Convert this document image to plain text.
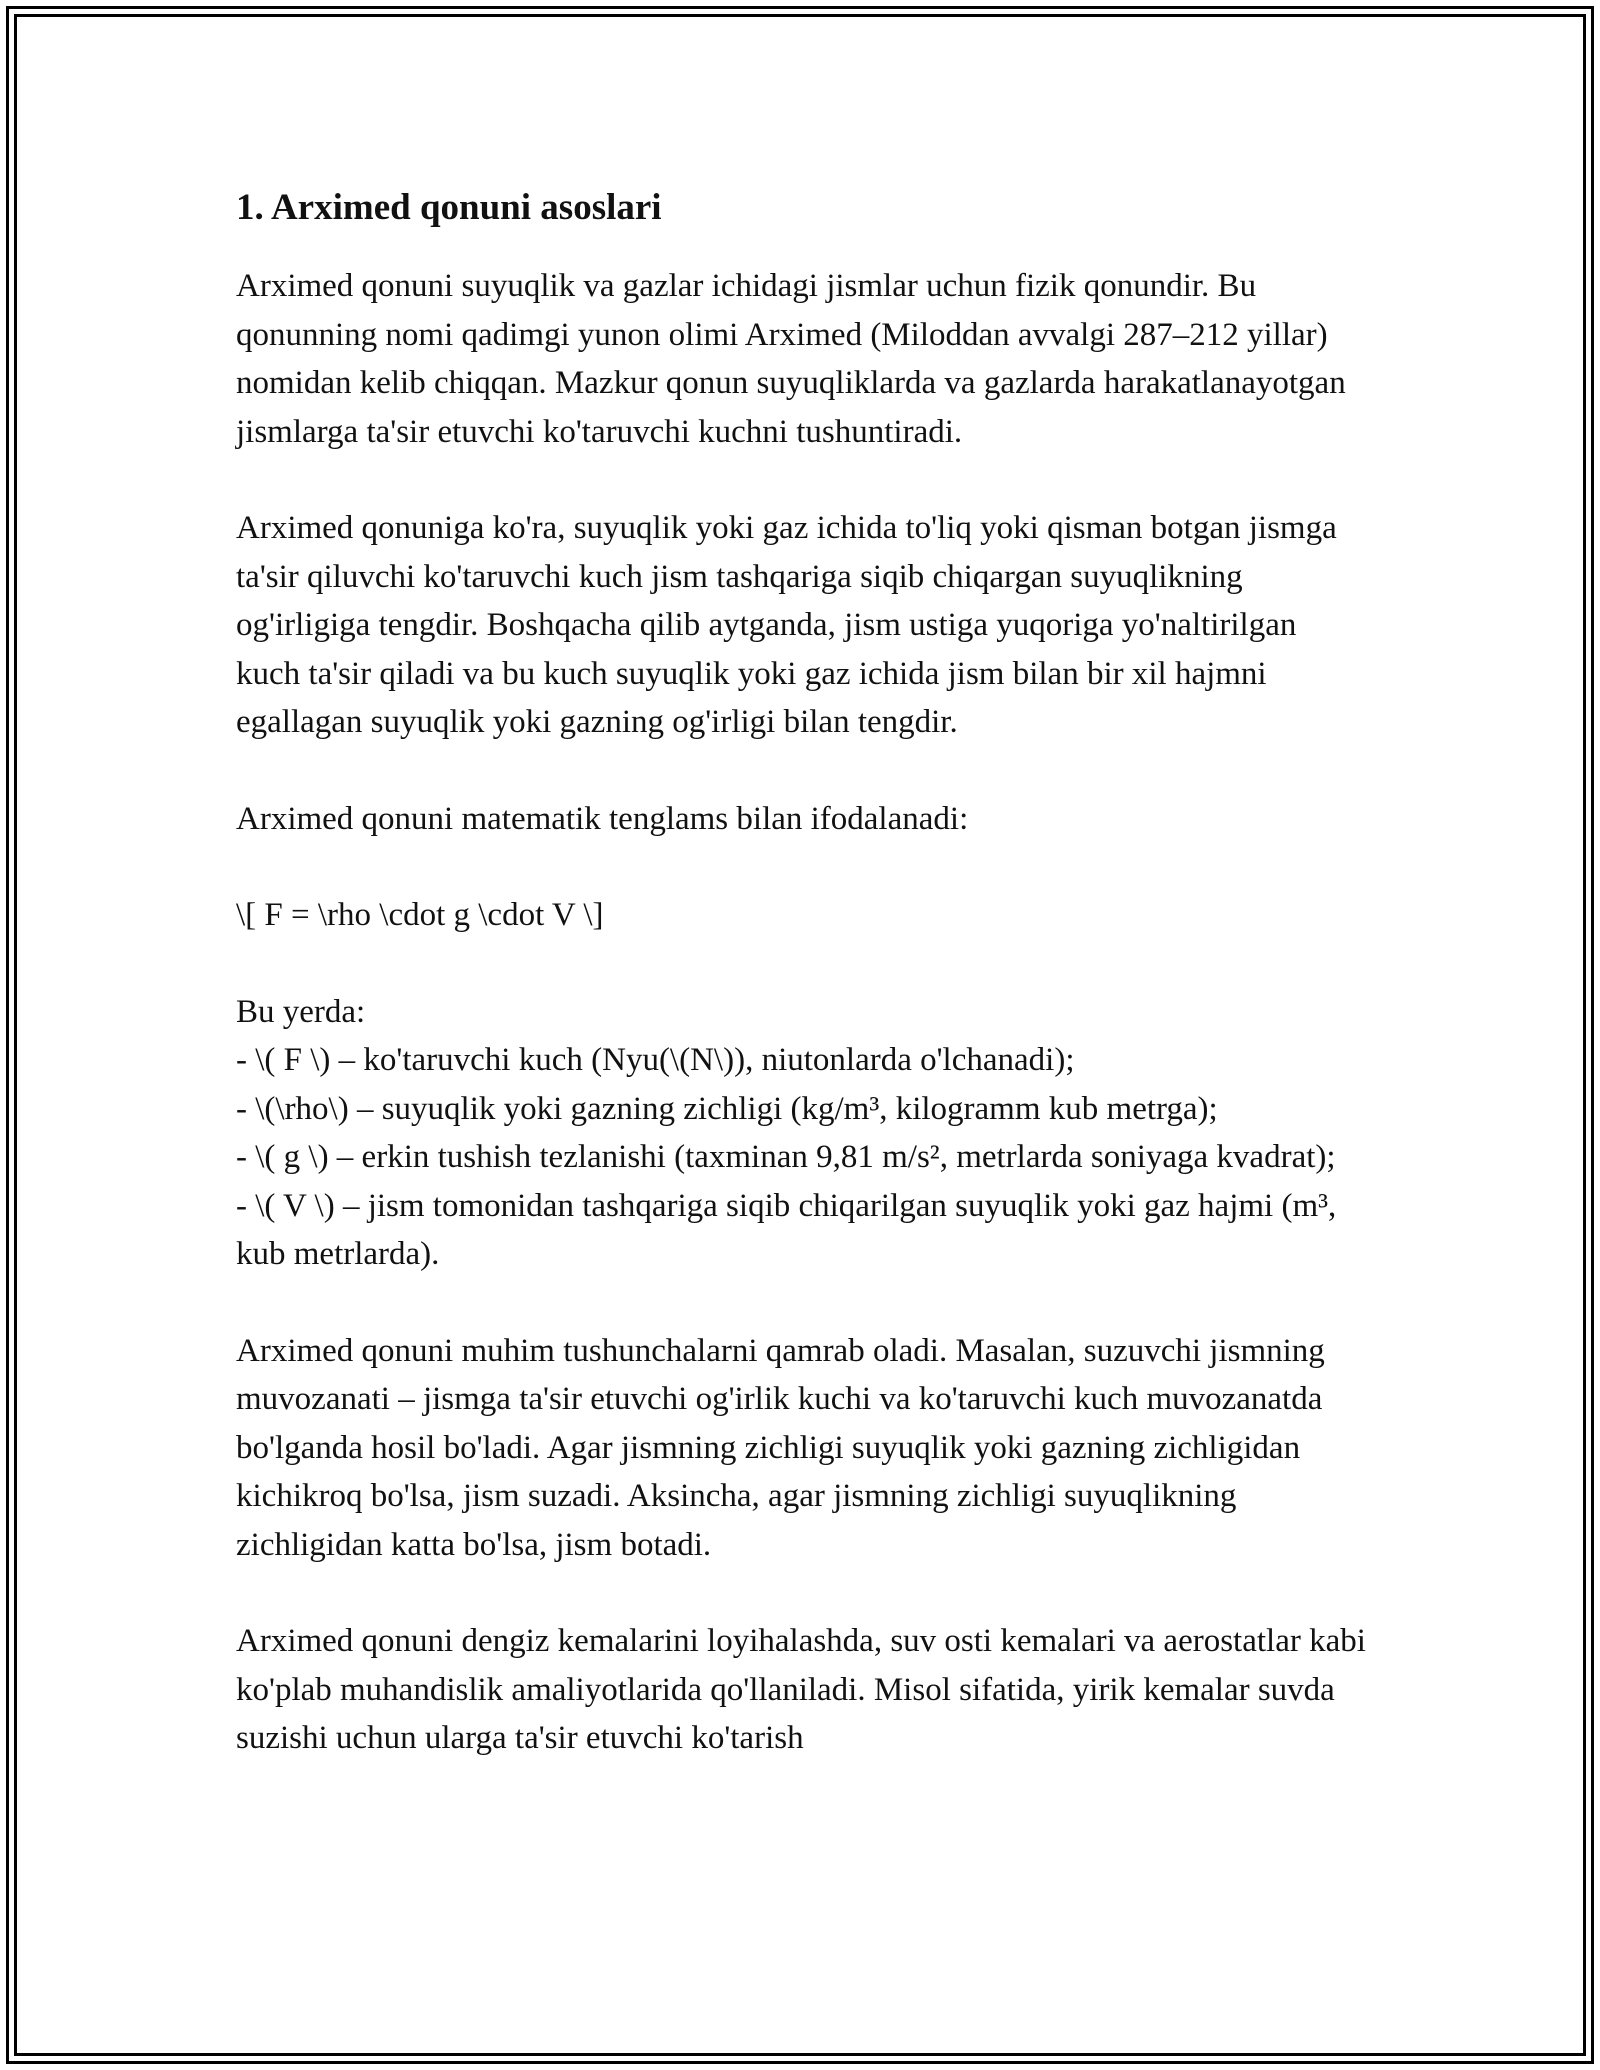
1. Arximed qonuni asoslari

Arximed qonuni suyuqlik va gazlar ichidagi jismlar uchun fizik qonundir. Bu qonunning nomi qadimgi yunon olimi Arximed (Miloddan avvalgi 287–212 yillar) nomidan kelib chiqqan. Mazkur qonun suyuqliklarda va gazlarda harakatlanayotgan jismlarga ta'sir etuvchi ko'taruvchi kuchni tushuntiradi.

Arximed qonuniga ko'ra, suyuqlik yoki gaz ichida to'liq yoki qisman botgan jismga ta'sir qiluvchi ko'taruvchi kuch jism tashqariga siqib chiqargan suyuqlikning og'irligiga tengdir. Boshqacha qilib aytganda, jism ustiga yuqoriga yo'naltirilgan kuch ta'sir qiladi va bu kuch suyuqlik yoki gaz ichida jism bilan bir xil hajmni egallagan suyuqlik yoki gazning og'irligi bilan tengdir.

Arximed qonuni matematik tenglams bilan ifodalanadi:

\[ F = \rho \cdot g \cdot V \]

Bu yerda:
- \( F \) – ko'taruvchi kuch (Nyu(\(N\)), niutonlarda o'lchanadi);
- \(\rho\) – suyuqlik yoki gazning zichligi (kg/m³, kilogramm kub metrga);
- \( g \) – erkin tushish tezlanishi (taxminan 9,81 m/s², metrlarda soniyaga kvadrat);
- \( V \) – jism tomonidan tashqariga siqib chiqarilgan suyuqlik yoki gaz hajmi (m³, kub metrlarda).

Arximed qonuni muhim tushunchalarni qamrab oladi. Masalan, suzuvchi jismning muvozanati – jismga ta'sir etuvchi og'irlik kuchi va ko'taruvchi kuch muvozanatda bo'lganda hosil bo'ladi. Agar jismning zichligi suyuqlik yoki gazning zichligidan kichikroq bo'lsa, jism suzadi. Aksincha, agar jismning zichligi suyuqlikning zichligidan katta bo'lsa, jism botadi.

Arximed qonuni dengiz kemalarini loyihalashda, suv osti kemalari va aerostatlar kabi ko'plab muhandislik amaliyotlarida qo'llaniladi. Misol sifatida, yirik kemalar suvda suzishi uchun ularga ta'sir etuvchi ko'tarish
